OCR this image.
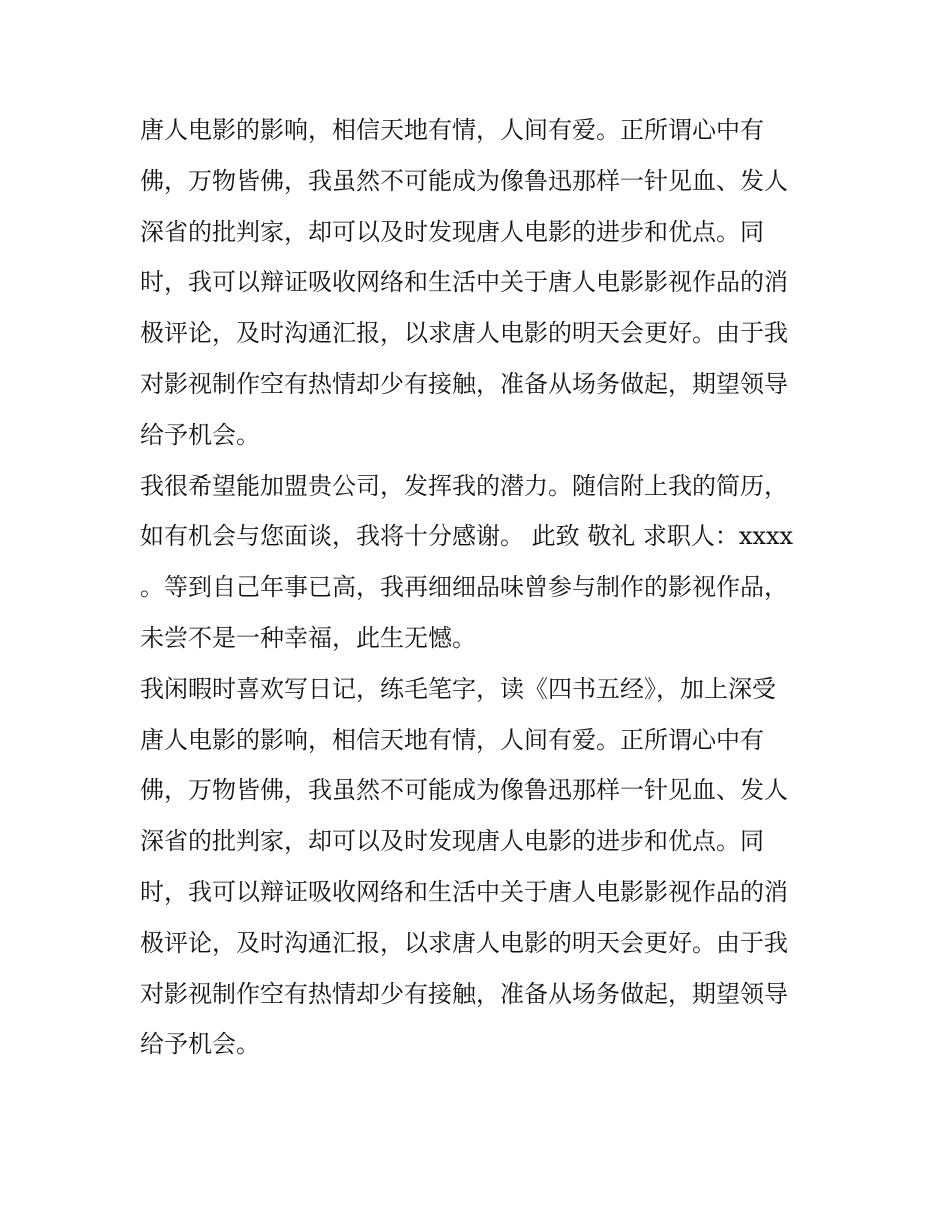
唐人电影的影响，相信天地有情，人间有爱。正所谓心中有
佛，万物皆佛，我虽然不可能成为像鲁迅那样一针见血、发人
深省的批判家，却可以及时发现唐人电影的进步和优点。同
时，我可以辩证吸收网络和生活中关于唐人电影影视作品的消
极评论，及时沟通汇报，以求唐人电影的明天会更好。由于我
对影视制作空有热情却少有接触，准备从场务做起，期望领导
给予机会。
我很希望能加盟贵公司，发挥我的潜力。随信附上我的简历，
如有机会与您面谈，我将十分感谢。 此致 敬礼 求职人：xxxx
。等到自己年事已高，我再细细品味曾参与制作的影视作品，
未尝不是一种幸福，此生无憾。
我闲暇时喜欢写日记，练毛笔字，读《四书五经》，加上深受
唐人电影的影响，相信天地有情，人间有爱。正所谓心中有
佛，万物皆佛，我虽然不可能成为像鲁迅那样一针见血、发人
深省的批判家，却可以及时发现唐人电影的进步和优点。同
时，我可以辩证吸收网络和生活中关于唐人电影影视作品的消
极评论，及时沟通汇报，以求唐人电影的明天会更好。由于我
对影视制作空有热情却少有接触，准备从场务做起，期望领导
给予机会。
